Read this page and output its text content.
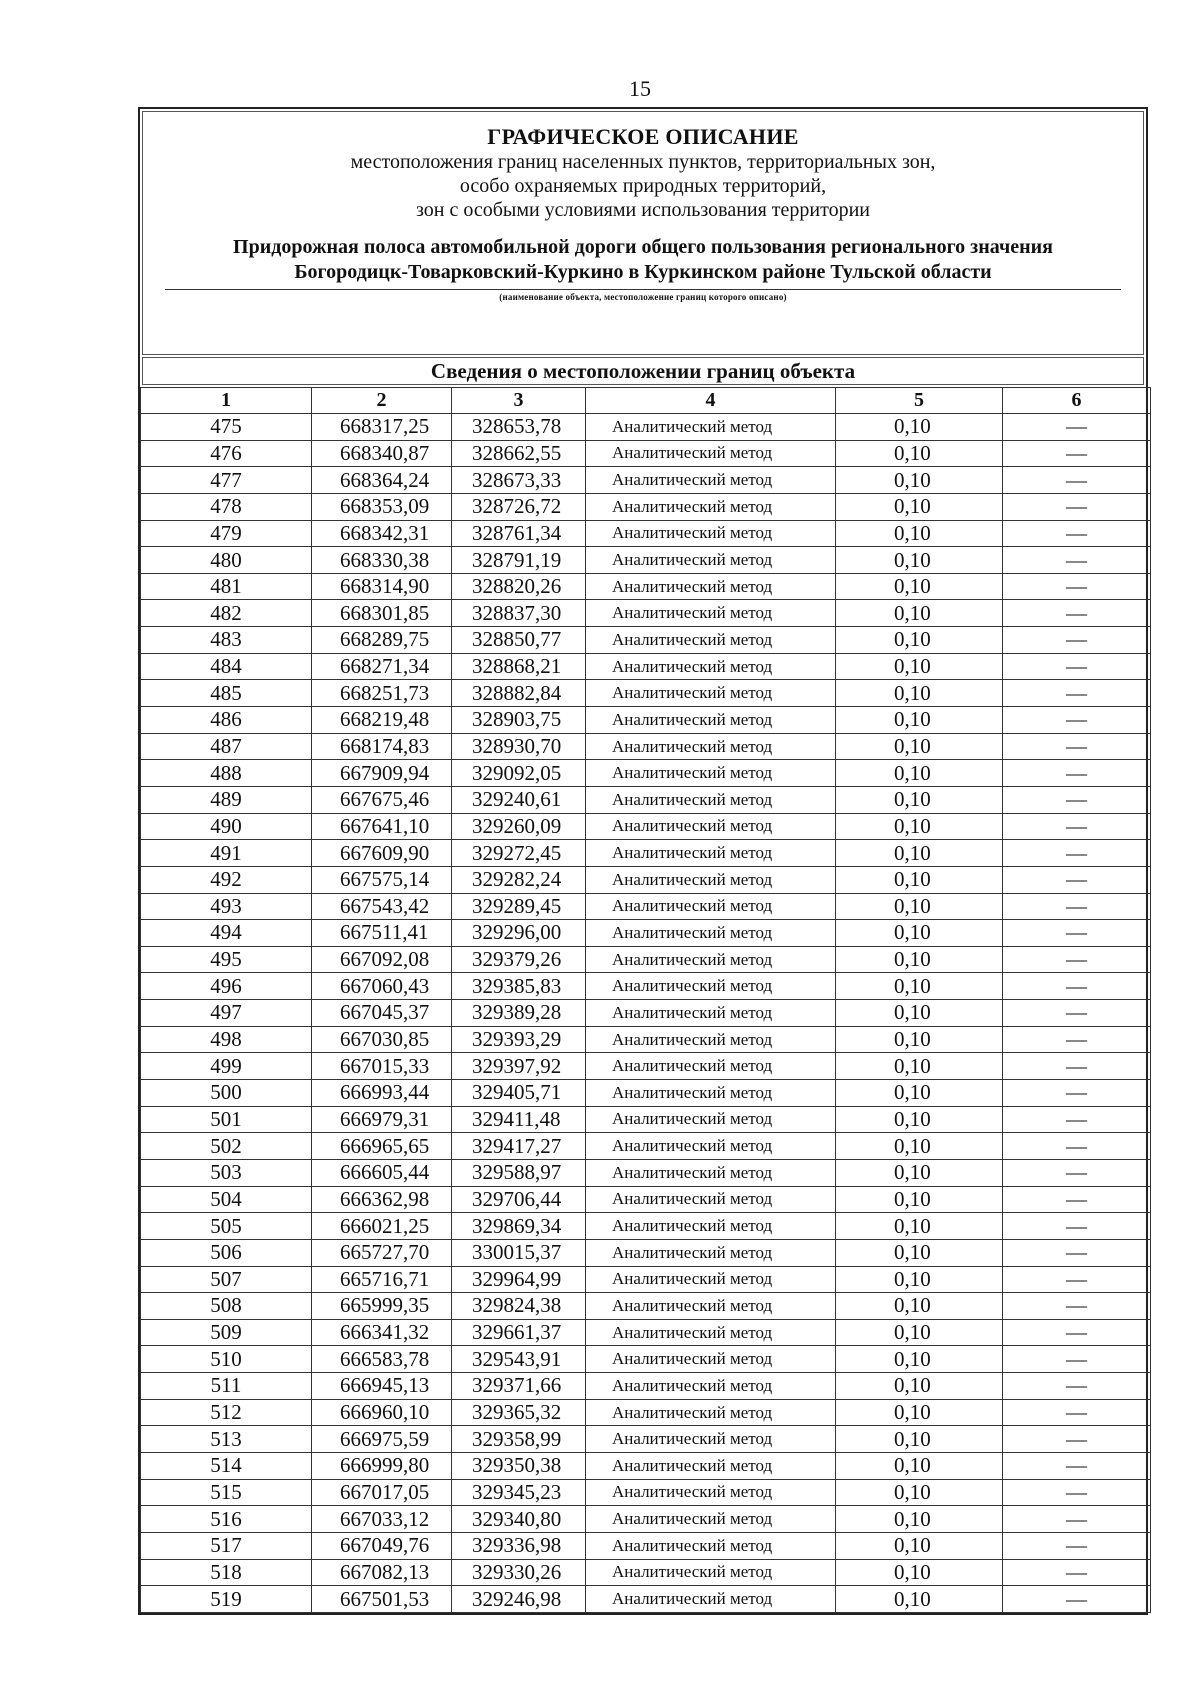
15
ГРАФИЧЕСКОЕ ОПИСАНИЕ
местоположения границ населенных пунктов, территориальных зон,
особо охраняемых природных территорий,
зон с особыми условиями использования территории
Придорожная полоса автомобильной дороги общего пользования регионального значения
Богородицк-Товарковский-Куркино в Куркинском районе Тульской области
(наименование объекта, местоположение границ которого описано)
Сведения о местоположении границ объекта
1	2	3	4	5	6
475	668317,25	328653,78	Аналитический метод	0,10	—
476	668340,87	328662,55	Аналитический метод	0,10	—
477	668364,24	328673,33	Аналитический метод	0,10	—
478	668353,09	328726,72	Аналитический метод	0,10	—
479	668342,31	328761,34	Аналитический метод	0,10	—
480	668330,38	328791,19	Аналитический метод	0,10	—
481	668314,90	328820,26	Аналитический метод	0,10	—
482	668301,85	328837,30	Аналитический метод	0,10	—
483	668289,75	328850,77	Аналитический метод	0,10	—
484	668271,34	328868,21	Аналитический метод	0,10	—
485	668251,73	328882,84	Аналитический метод	0,10	—
486	668219,48	328903,75	Аналитический метод	0,10	—
487	668174,83	328930,70	Аналитический метод	0,10	—
488	667909,94	329092,05	Аналитический метод	0,10	—
489	667675,46	329240,61	Аналитический метод	0,10	—
490	667641,10	329260,09	Аналитический метод	0,10	—
491	667609,90	329272,45	Аналитический метод	0,10	—
492	667575,14	329282,24	Аналитический метод	0,10	—
493	667543,42	329289,45	Аналитический метод	0,10	—
494	667511,41	329296,00	Аналитический метод	0,10	—
495	667092,08	329379,26	Аналитический метод	0,10	—
496	667060,43	329385,83	Аналитический метод	0,10	—
497	667045,37	329389,28	Аналитический метод	0,10	—
498	667030,85	329393,29	Аналитический метод	0,10	—
499	667015,33	329397,92	Аналитический метод	0,10	—
500	666993,44	329405,71	Аналитический метод	0,10	—
501	666979,31	329411,48	Аналитический метод	0,10	—
502	666965,65	329417,27	Аналитический метод	0,10	—
503	666605,44	329588,97	Аналитический метод	0,10	—
504	666362,98	329706,44	Аналитический метод	0,10	—
505	666021,25	329869,34	Аналитический метод	0,10	—
506	665727,70	330015,37	Аналитический метод	0,10	—
507	665716,71	329964,99	Аналитический метод	0,10	—
508	665999,35	329824,38	Аналитический метод	0,10	—
509	666341,32	329661,37	Аналитический метод	0,10	—
510	666583,78	329543,91	Аналитический метод	0,10	—
511	666945,13	329371,66	Аналитический метод	0,10	—
512	666960,10	329365,32	Аналитический метод	0,10	—
513	666975,59	329358,99	Аналитический метод	0,10	—
514	666999,80	329350,38	Аналитический метод	0,10	—
515	667017,05	329345,23	Аналитический метод	0,10	—
516	667033,12	329340,80	Аналитический метод	0,10	—
517	667049,76	329336,98	Аналитический метод	0,10	—
518	667082,13	329330,26	Аналитический метод	0,10	—
519	667501,53	329246,98	Аналитический метод	0,10	—
